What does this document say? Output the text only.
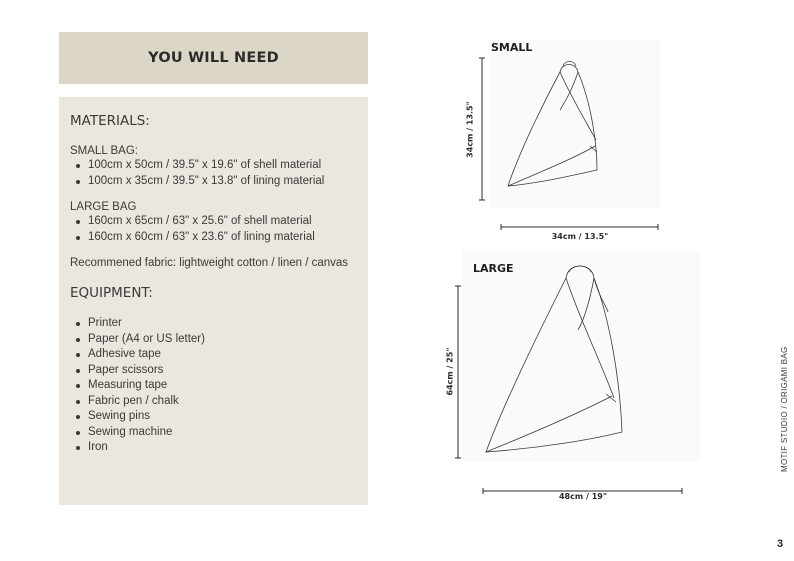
YOU WILL NEED
MATERIALS:
SMALL BAG:
100cm x 50cm / 39.5" x 19.6" of shell material
100cm x 35cm / 39.5" x 13.8" of lining material
LARGE BAG
160cm x 65cm / 63" x 25.6" of shell material
160cm x 60cm / 63" x 23.6" of lining material
Recommened fabric: lightweight cotton / linen / canvas
EQUIPMENT:
Printer
Paper (A4 or US letter)
Adhesive tape
Paper scissors
Measuring tape
Fabric pen / chalk
Sewing pins
Sewing machine
Iron
SMALL
34cm / 13.5"
34cm / 13.5"
LARGE
64cm / 25"
48cm / 19"
MOTIF STUDIO / ORIGAMI BAG
3
